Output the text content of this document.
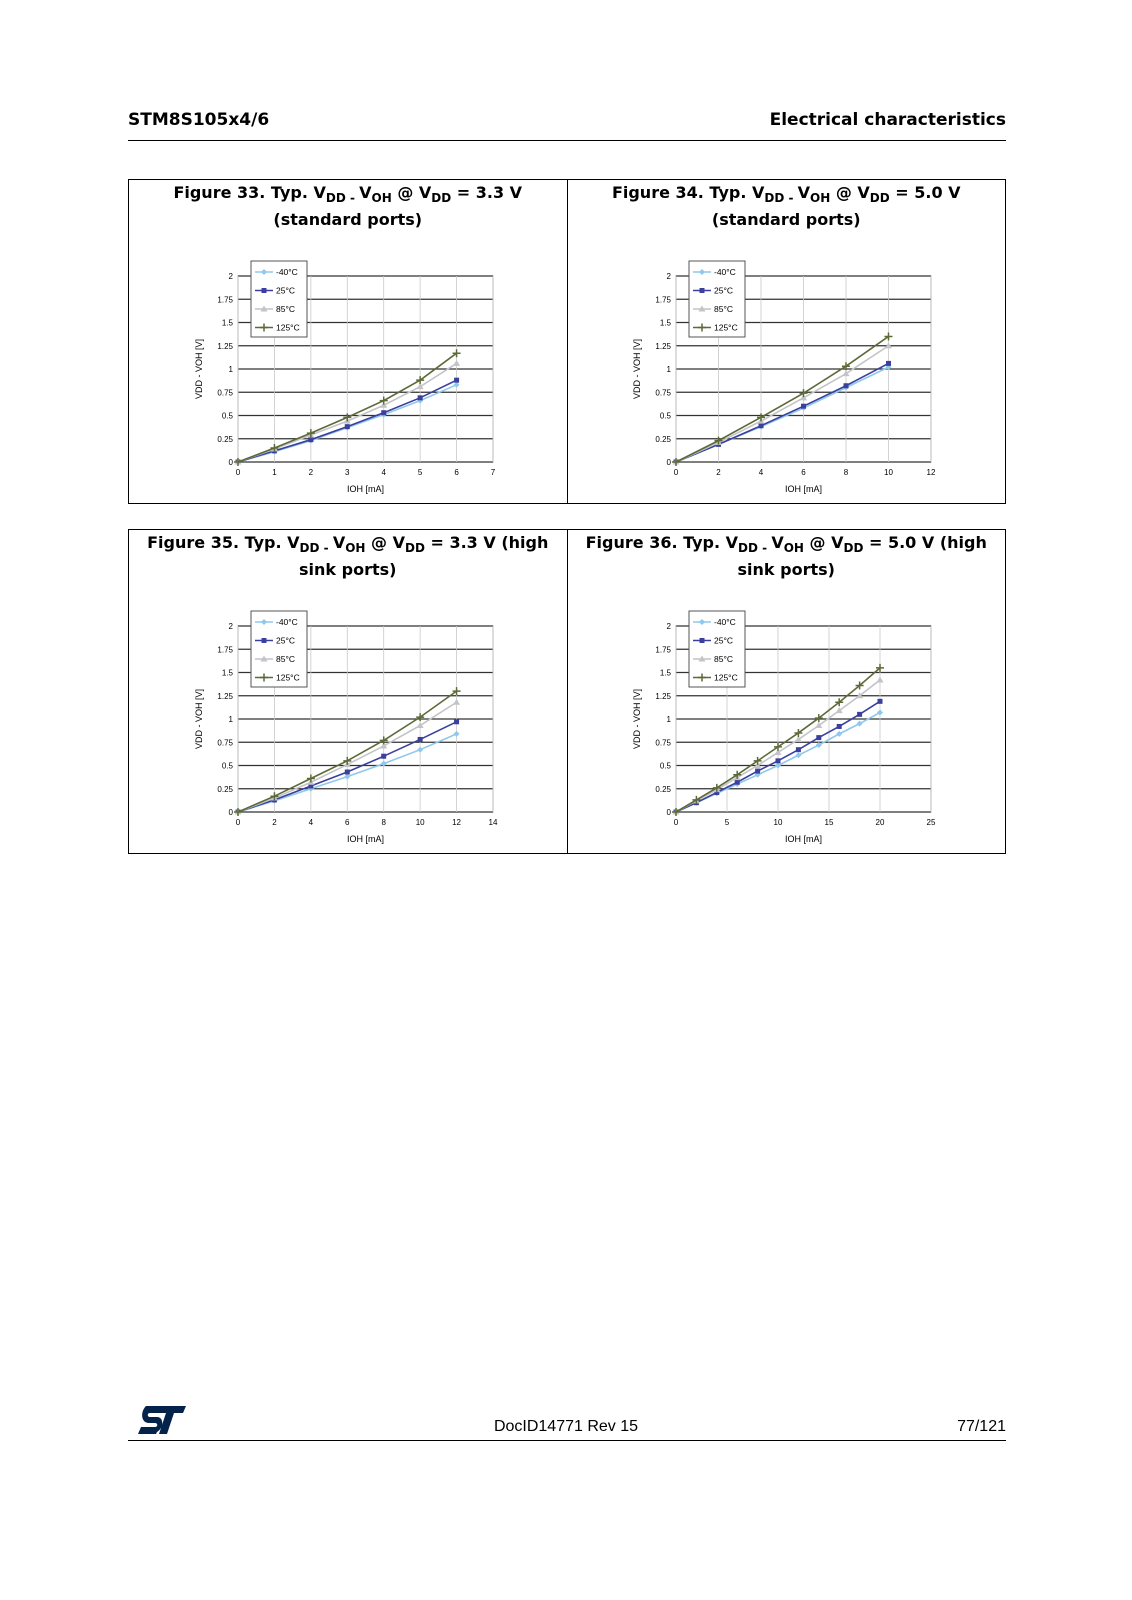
STM8S105x4/6	Electrical characteristics
Figure 33. Typ. $V_{DD -}$ $V_{OH}$ @ $V_{DD} = 3.3$ V
(standard ports)
0
0.25
0.5
0.75
1
1.25
1.5
1.75
2
0	1	2	3	4	5	6	7
IOH [mA]
VDD - VOH [V]
-40°C
25°C
85°C
125°C

Figure 34. Typ. $V_{DD -}$ $V_{OH}$ @ $V_{DD} = 5.0$ V
(standard ports)
0
0.25
0.5
0.75
1
1.25
1.5
1.75
2
0	2	4	6	8	10	12
IOH [mA]
VDD - VOH [V]
-40°C
25°C
85°C
125°C
Figure 35. Typ. $V_{DD -}$ $V_{OH}$ @ $V_{DD} = 3.3$ V (high
sink ports)
0
0.25
0.5
0.75
1
1.25
1.5
1.75
2
0	2	4	6	8	10	12	14
IOH [mA]
VDD - VOH [V]
-40°C
25°C
85°C
125°C

Figure 36. Typ. $V_{DD -}$ $V_{OH}$ @ $V_{DD} = 5.0$ V (high
sink ports)
0
0.25
0.5
0.75
1
1.25
1.5
1.75
2
0	5	10	15	20	25
IOH [mA]
VDD - VOH [V]
-40°C
25°C
85°C
125°C
DocID14771 Rev 15	77/121
